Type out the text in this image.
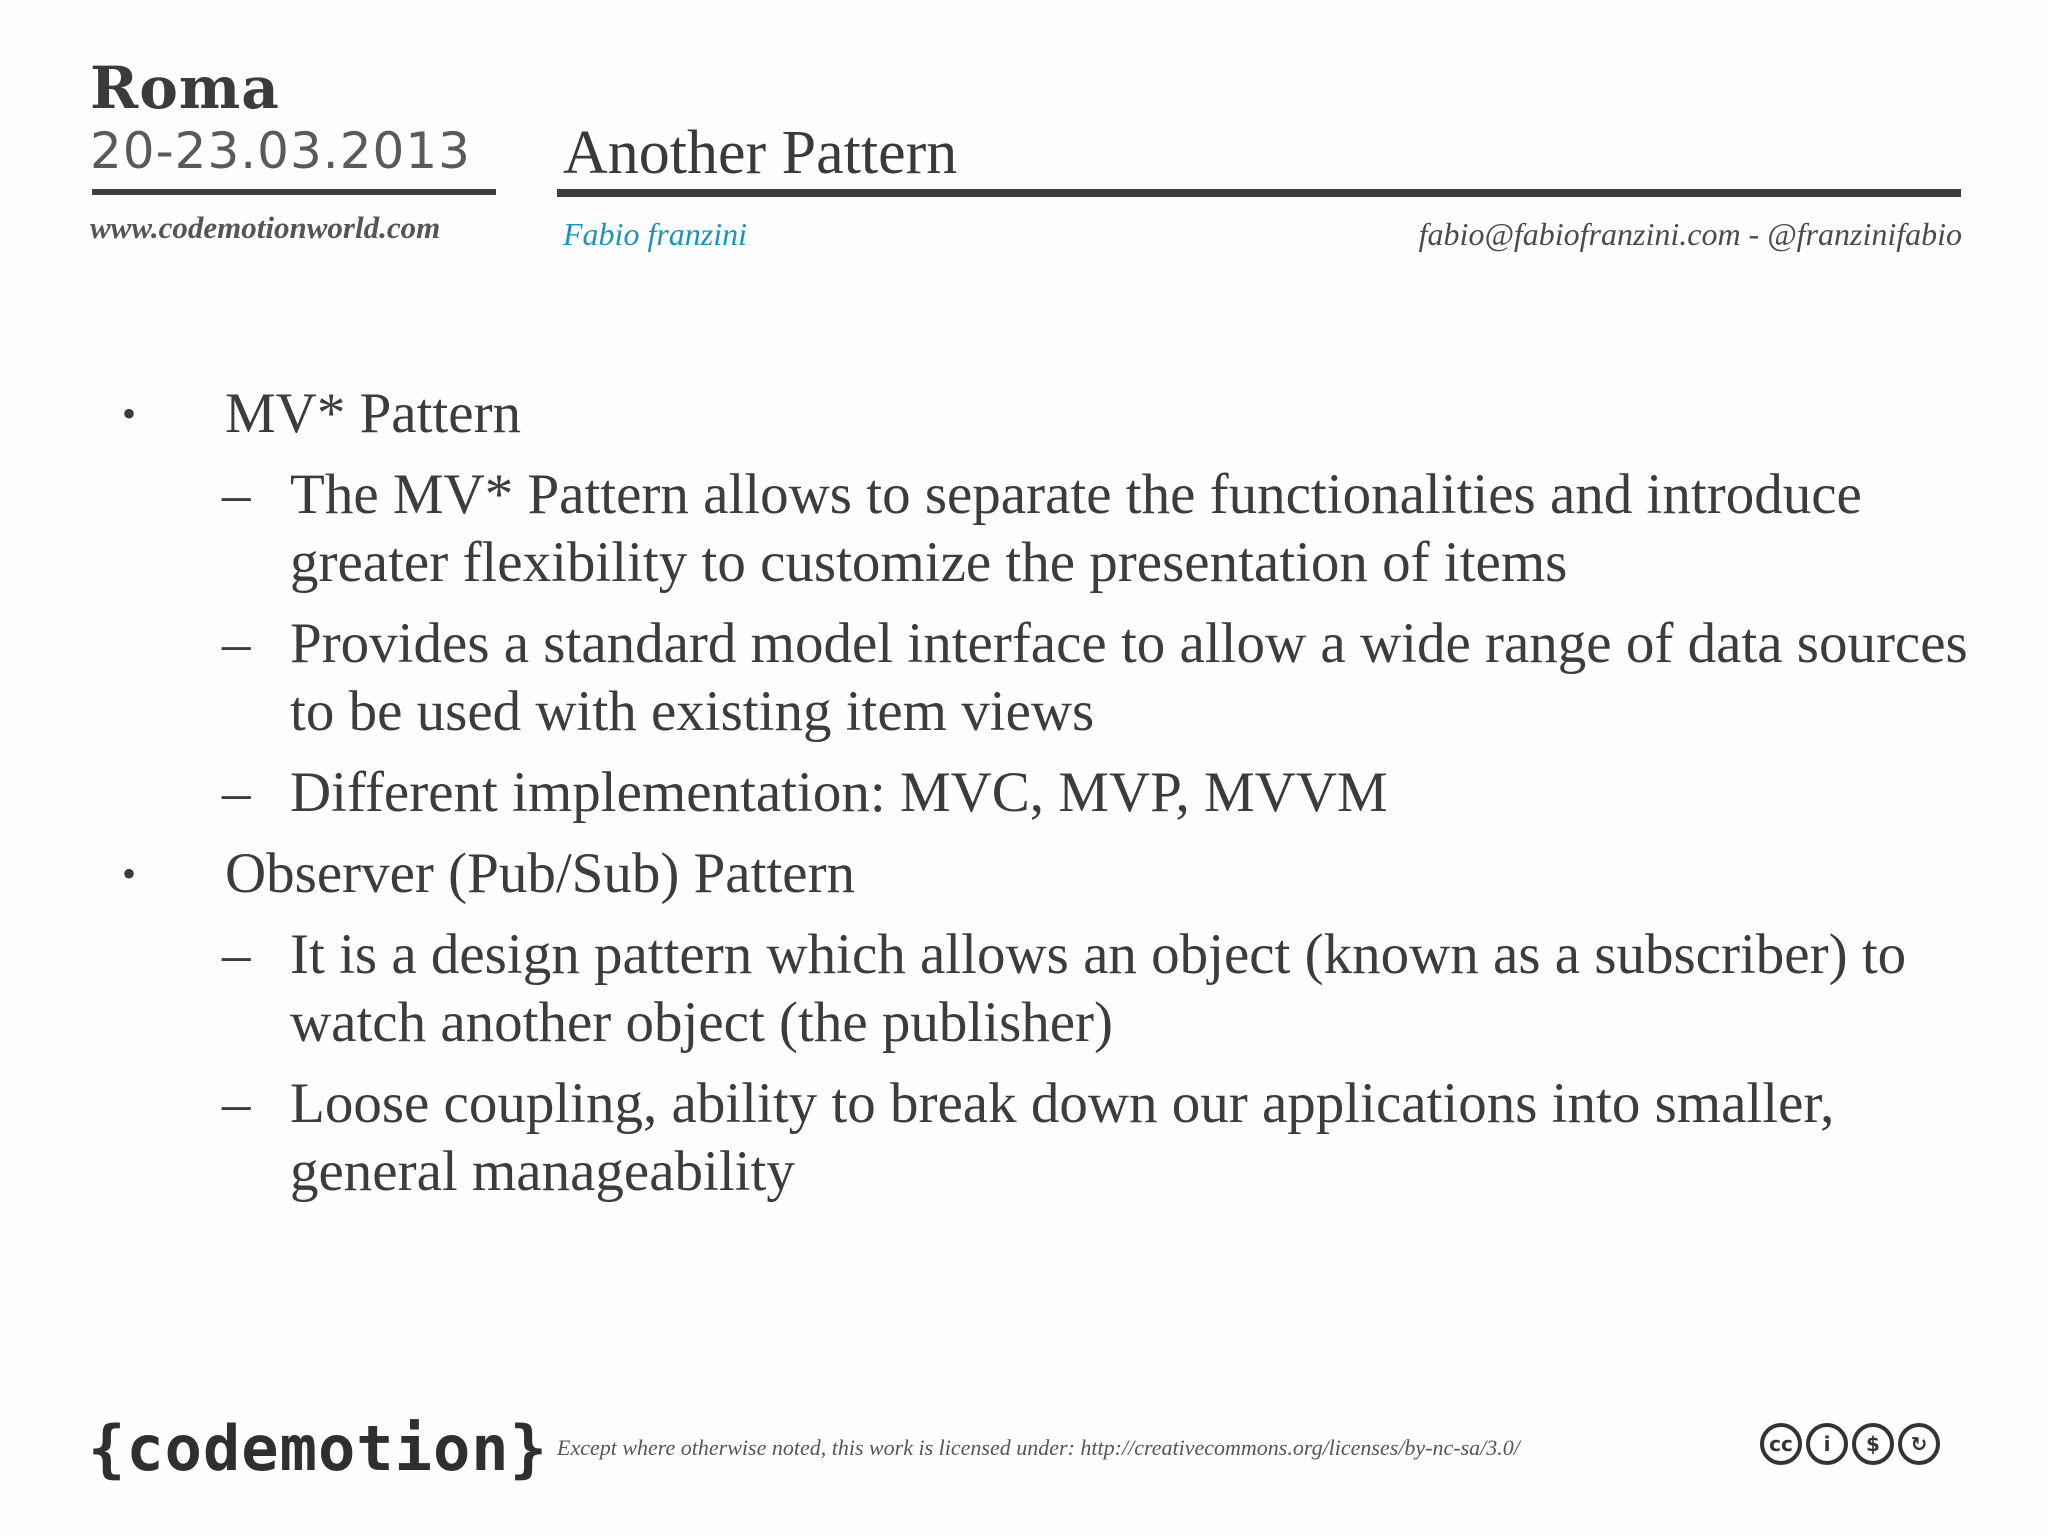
Roma
20-23.03.2013
www.codemotionworld.com
Another Pattern
Fabio franzini	fabio@fabiofranzini.com - @franzinifabio
• MV* Pattern
– The MV* Pattern allows to separate the functionalities and introduce greater flexibility to customize the presentation of items
– Provides a standard model interface to allow a wide range of data sources to be used with existing item views
– Different implementation: MVC, MVP, MVVM
• Observer (Pub/Sub) Pattern
– It is a design pattern which allows an object (known as a subscriber) to watch another object (the publisher)
– Loose coupling, ability to break down our applications into smaller, general manageability
{codemotion} Except where otherwise noted, this work is licensed under: http://creativecommons.org/licenses/by-nc-sa/3.0/	cc	i	$	↻
